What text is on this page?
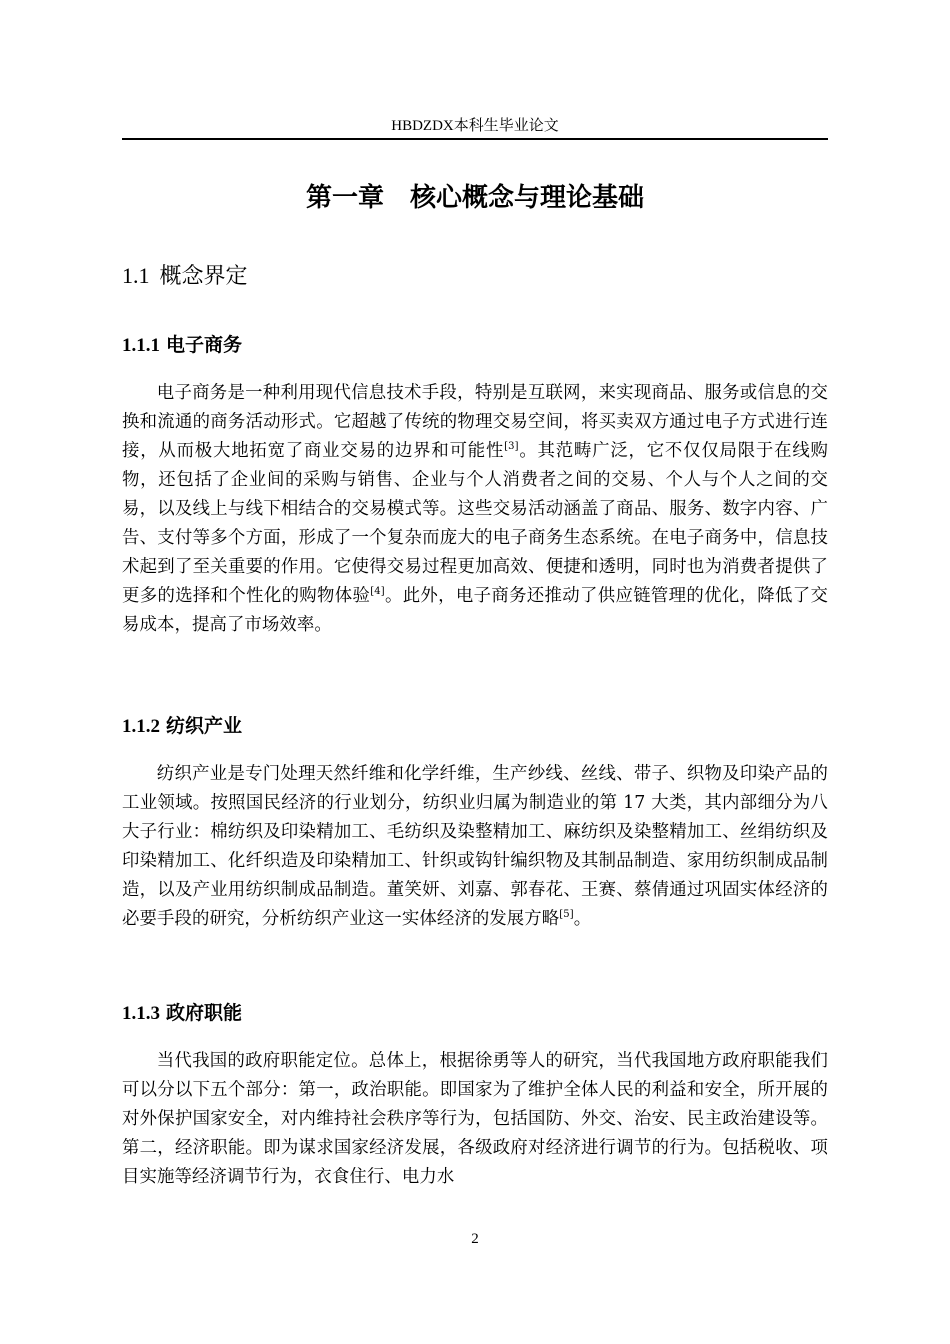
HBDZDX本科生毕业论文
第一章　核心概念与理论基础
1.1 概念界定
1.1.1 电子商务

电子商务是一种利用现代信息技术手段，特别是互联网，来实现商品、服务或信息的交换和流通的商务活动形式。它超越了传统的物理交易空间，将买卖双方通过电子方式进行连接，从而极大地拓宽了商业交易的边界和可能性[3]。其范畴广泛，它不仅仅局限于在线购物，还包括了企业间的采购与销售、企业与个人消费者之间的交易、个人与个人之间的交易，以及线上与线下相结合的交易模式等。这些交易活动涵盖了商品、服务、数字内容、广告、支付等多个方面，形成了一个复杂而庞大的电子商务生态系统。在电子商务中，信息技术起到了至关重要的作用。它使得交易过程更加高效、便捷和透明，同时也为消费者提供了更多的选择和个性化的购物体验[4]。此外，电子商务还推动了供应链管理的优化，降低了交易成本，提高了市场效率。

1.1.2 纺织产业

纺织产业是专门处理天然纤维和化学纤维，生产纱线、丝线、带子、织物及印染产品的工业领域。按照国民经济的行业划分，纺织业归属为制造业的第 17 大类，其内部细分为八大子行业：棉纺织及印染精加工、毛纺织及染整精加工、麻纺织及染整精加工、丝绢纺织及印染精加工、化纤织造及印染精加工、针织或钩针编织物及其制品制造、家用纺织制成品制造，以及产业用纺织制成品制造。董笑妍、刘嘉、郭春花、王赛、蔡倩通过巩固实体经济的必要手段的研究，分析纺织产业这一实体经济的发展方略[5]。

1.1.3 政府职能

当代我国的政府职能定位。总体上，根据徐勇等人的研究，当代我国地方政府职能我们可以分以下五个部分：第一，政治职能。即国家为了维护全体人民的利益和安全，所开展的对外保护国家安全，对内维持社会秩序等行为，包括国防、外交、治安、民主政治建设等。第二，经济职能。即为谋求国家经济发展，各级政府对经济进行调节的行为。包括税收、项目实施等经济调节行为，衣食住行、电力水

2
